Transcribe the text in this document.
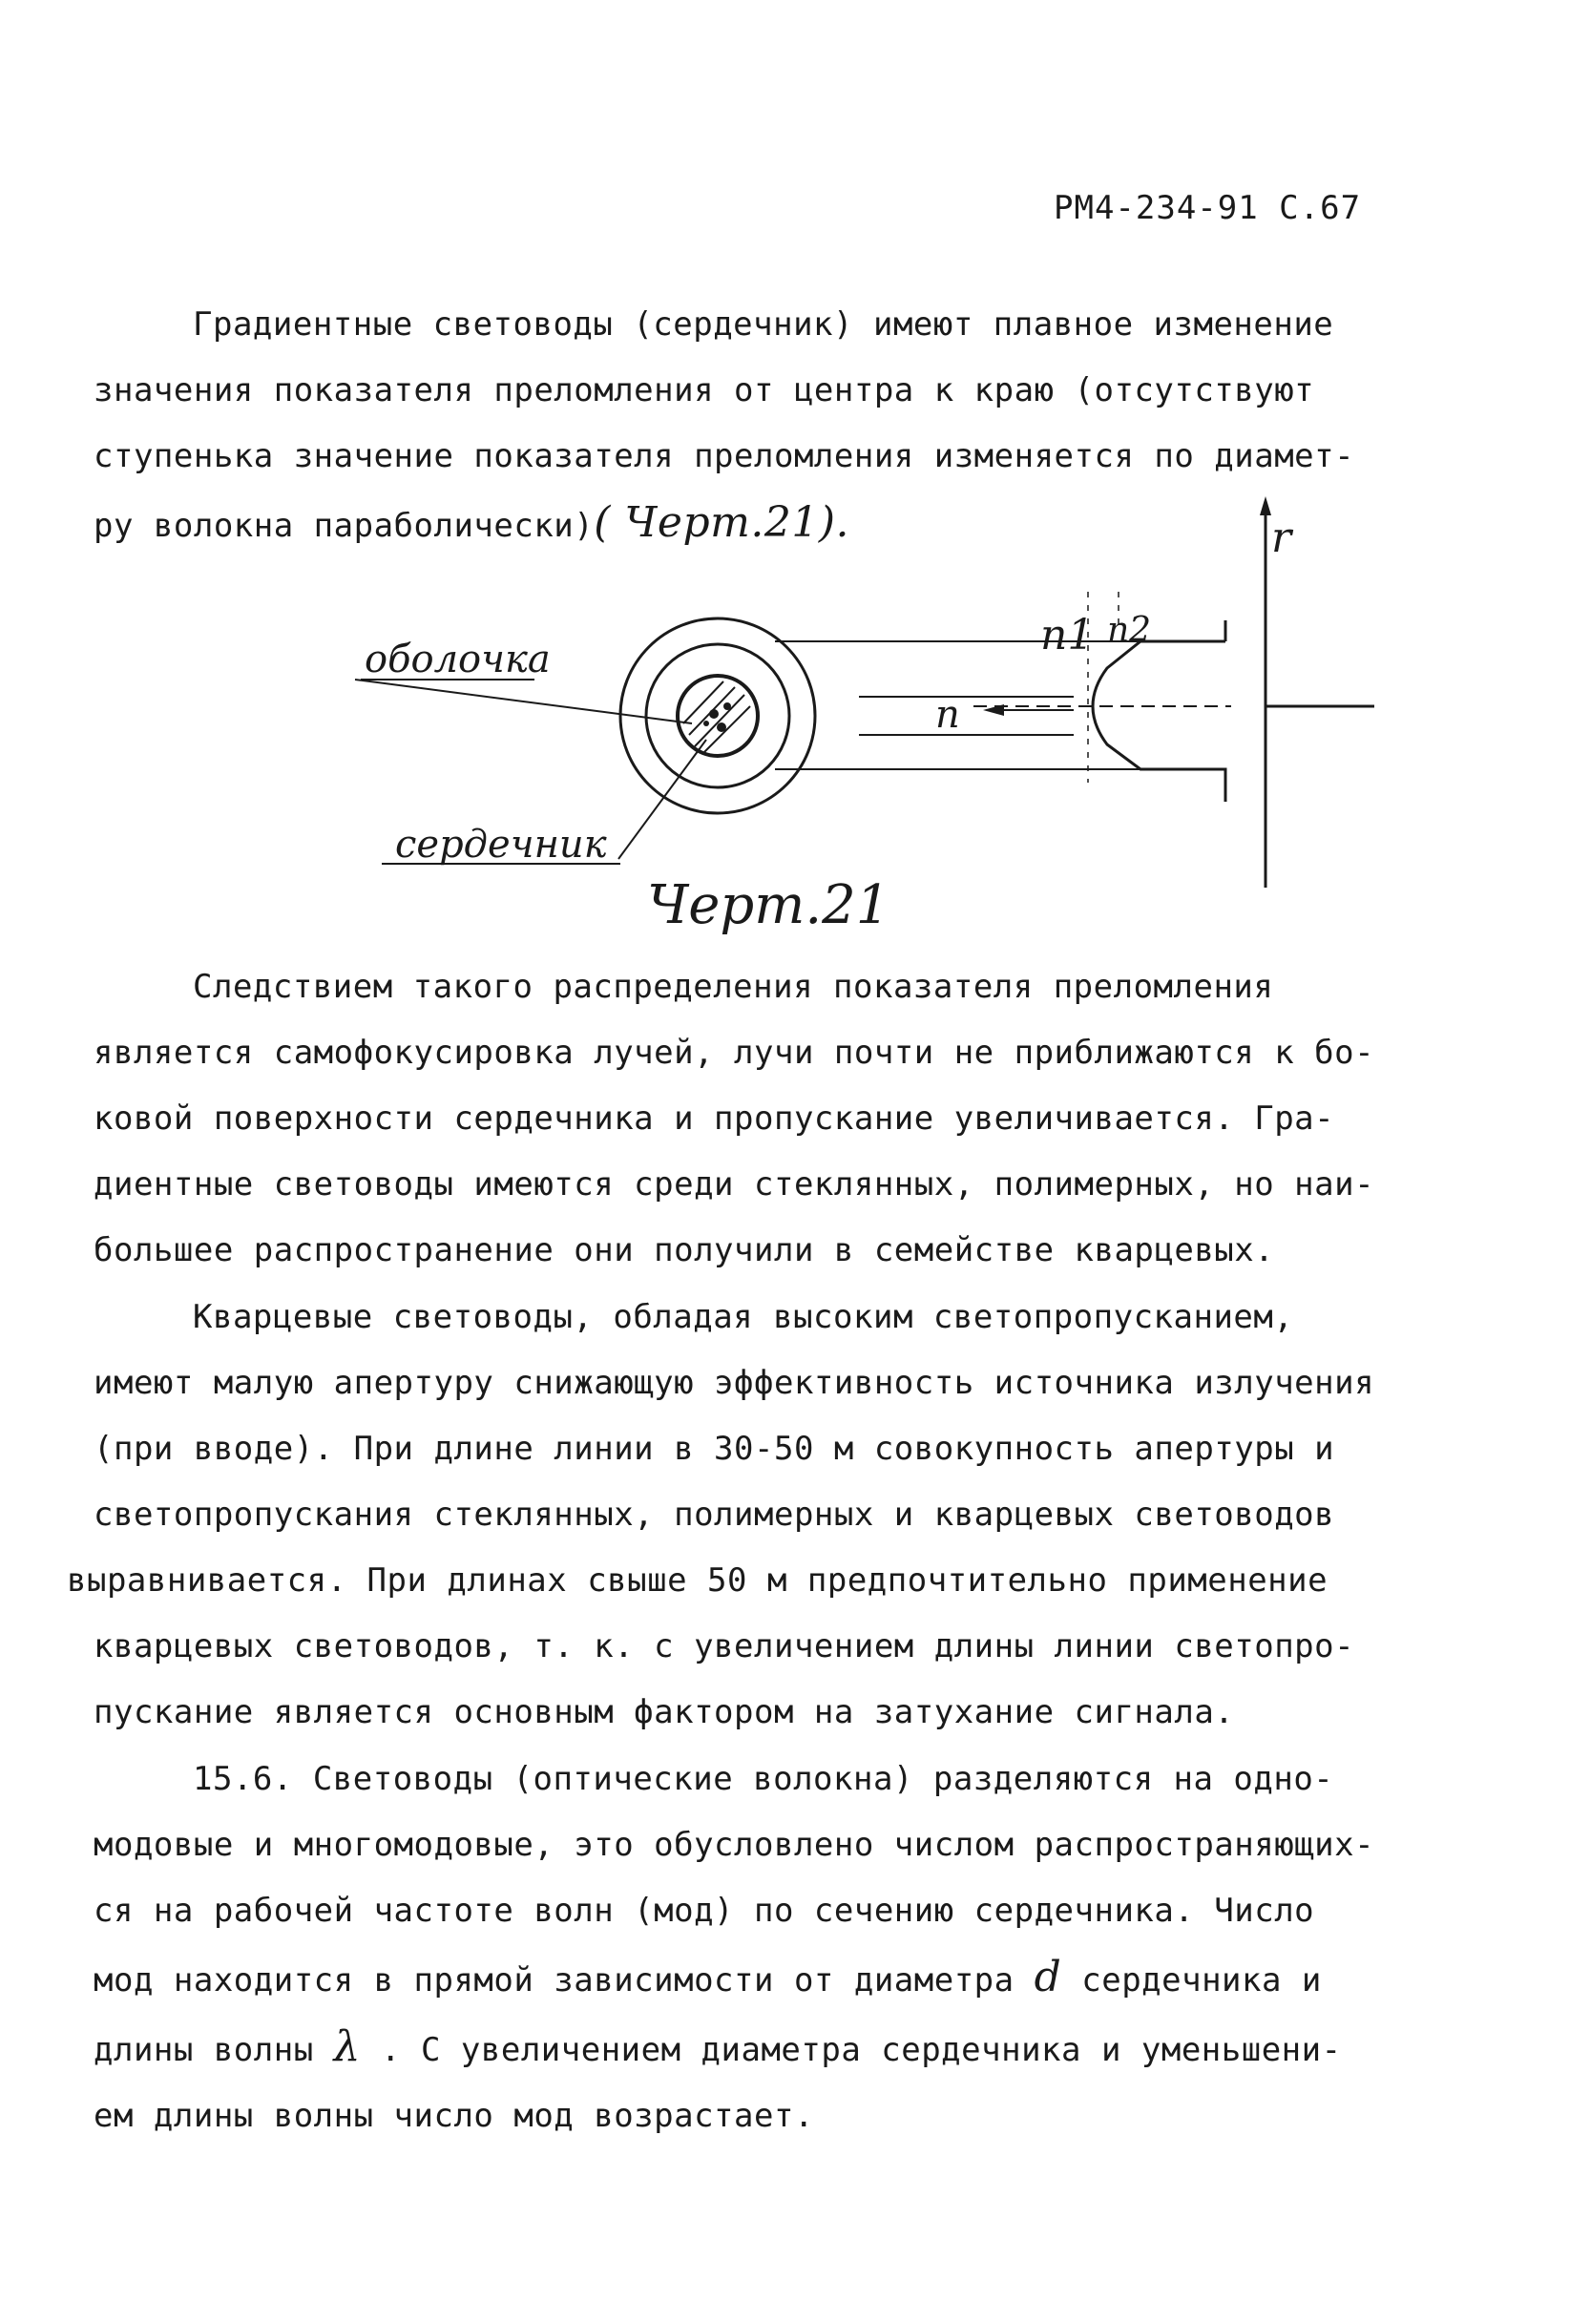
РМ4-234-91 С.67
Градиентные световоды (сердечник) имеют плавное изменение
значения показателя преломления от центра к краю (отсутствуют
ступенька значение показателя преломления изменяется по диамет-
ру волокна параболически)( Черт.21).
оболочка
сердечник
n1 n2
n
r
Черт.21
Следствием такого распределения показателя преломления
является самофокусировка лучей, лучи почти не приближаются к бо-
ковой поверхности сердечника и пропускание увеличивается. Гра-
диентные световоды имеются среди стеклянных, полимерных, но наи-
большее распространение они получили в семействе кварцевых.
Кварцевые световоды, обладая высоким светопропусканием,
имеют малую апертуру снижающую эффективность источника излучения
(при вводе). При длине линии в 30-50 м совокупность апертуры и
светопропускания стеклянных, полимерных и кварцевых световодов
выравнивается. При длинах свыше 50 м предпочтительно применение
кварцевых световодов, т. к. с увеличением длины линии светопро-
пускание является основным фактором на затухание сигнала.
15.6. Световоды (оптические волокна) разделяются на одно-
модовые и многомодовые, это обусловлено числом распространяющих-
ся на рабочей частоте волн (мод) по сечению сердечника. Число
мод находится в прямой зависимости от диаметра d сердечника и
длины волны λ . С увеличением диаметра сердечника и уменьшени-
ем длины волны число мод возрастает.
